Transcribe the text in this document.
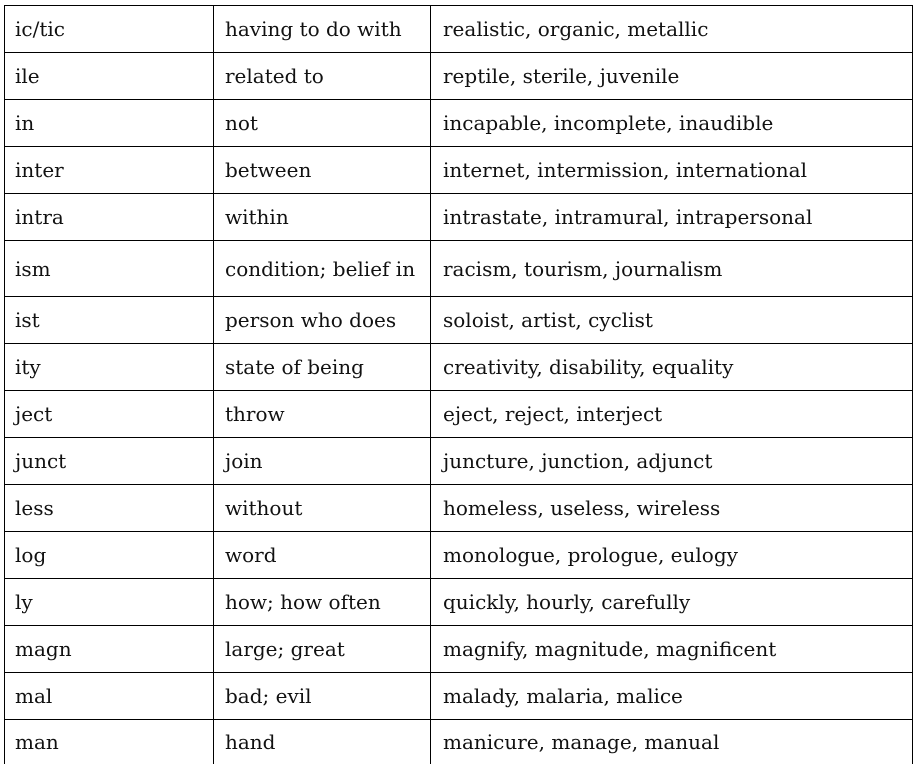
ic/tic	having to do with	realistic, organic, metallic
ile	related to	reptile, sterile, juvenile
in	not	incapable, incomplete, inaudible
inter	between	internet, intermission, international
intra	within	intrastate, intramural, intrapersonal
ism	condition; belief in	racism, tourism, journalism
ist	person who does	soloist, artist, cyclist
ity	state of being	creativity, disability, equality
ject	throw	eject, reject, interject
junct	join	juncture, junction, adjunct
less	without	homeless, useless, wireless
log	word	monologue, prologue, eulogy
ly	how; how often	quickly, hourly, carefully
magn	large; great	magnify, magnitude, magnificent
mal	bad; evil	malady, malaria, malice
man	hand	manicure, manage, manual
